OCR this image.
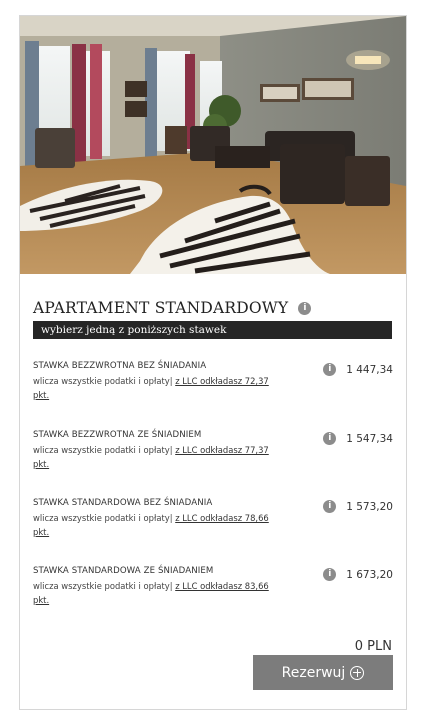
APARTAMENT STANDARDOWY	i
wybierz jedną z poniższych stawek
STAWKA BEZZWROTNA BEZ ŚNIADANIA
wlicza wszystkie podatki i opłaty| z LLC odkładasz 72,37 pkt.
i	1 447,34
STAWKA BEZZWROTNA ZE ŚNIADNIEM
wlicza wszystkie podatki i opłaty| z LLC odkładasz 77,37 pkt.
i	1 547,34
STAWKA STANDARDOWA BEZ ŚNIADANIA
wlicza wszystkie podatki i opłaty| z LLC odkładasz 78,66 pkt.
i	1 573,20
STAWKA STANDARDOWA ZE ŚNIADANIEM
wlicza wszystkie podatki i opłaty| z LLC odkładasz 83,66 pkt.
i	1 673,20
0 PLN
Rezerwuj
